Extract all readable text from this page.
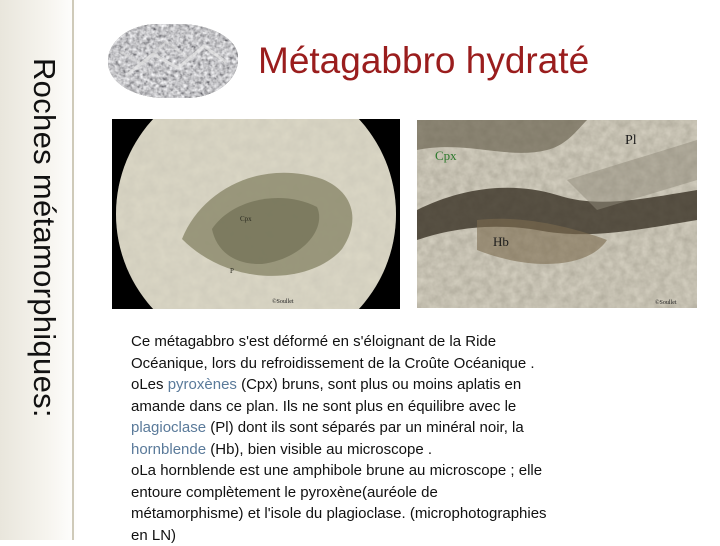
Roches métamorphiques:	Métagabbro hydraté
Cpx
P
©Soullet
Cpx
Pl
Hb
©Soullet

Ce métagabbro s'est déformé en s'éloignant de la Ride
Océanique, lors du refroidissement de la Croûte Océanique .
oLes pyroxènes (Cpx) bruns, sont plus ou moins aplatis en
amande dans ce plan. Ils ne sont plus en équilibre avec le
plagioclase (Pl) dont ils sont séparés par un minéral noir, la
hornblende (Hb), bien visible au microscope .
oLa hornblende est une amphibole brune au microscope ; elle
entoure complètement le pyroxène(auréole de
métamorphisme) et l'isole du plagioclase. (microphotographies
en LN)
